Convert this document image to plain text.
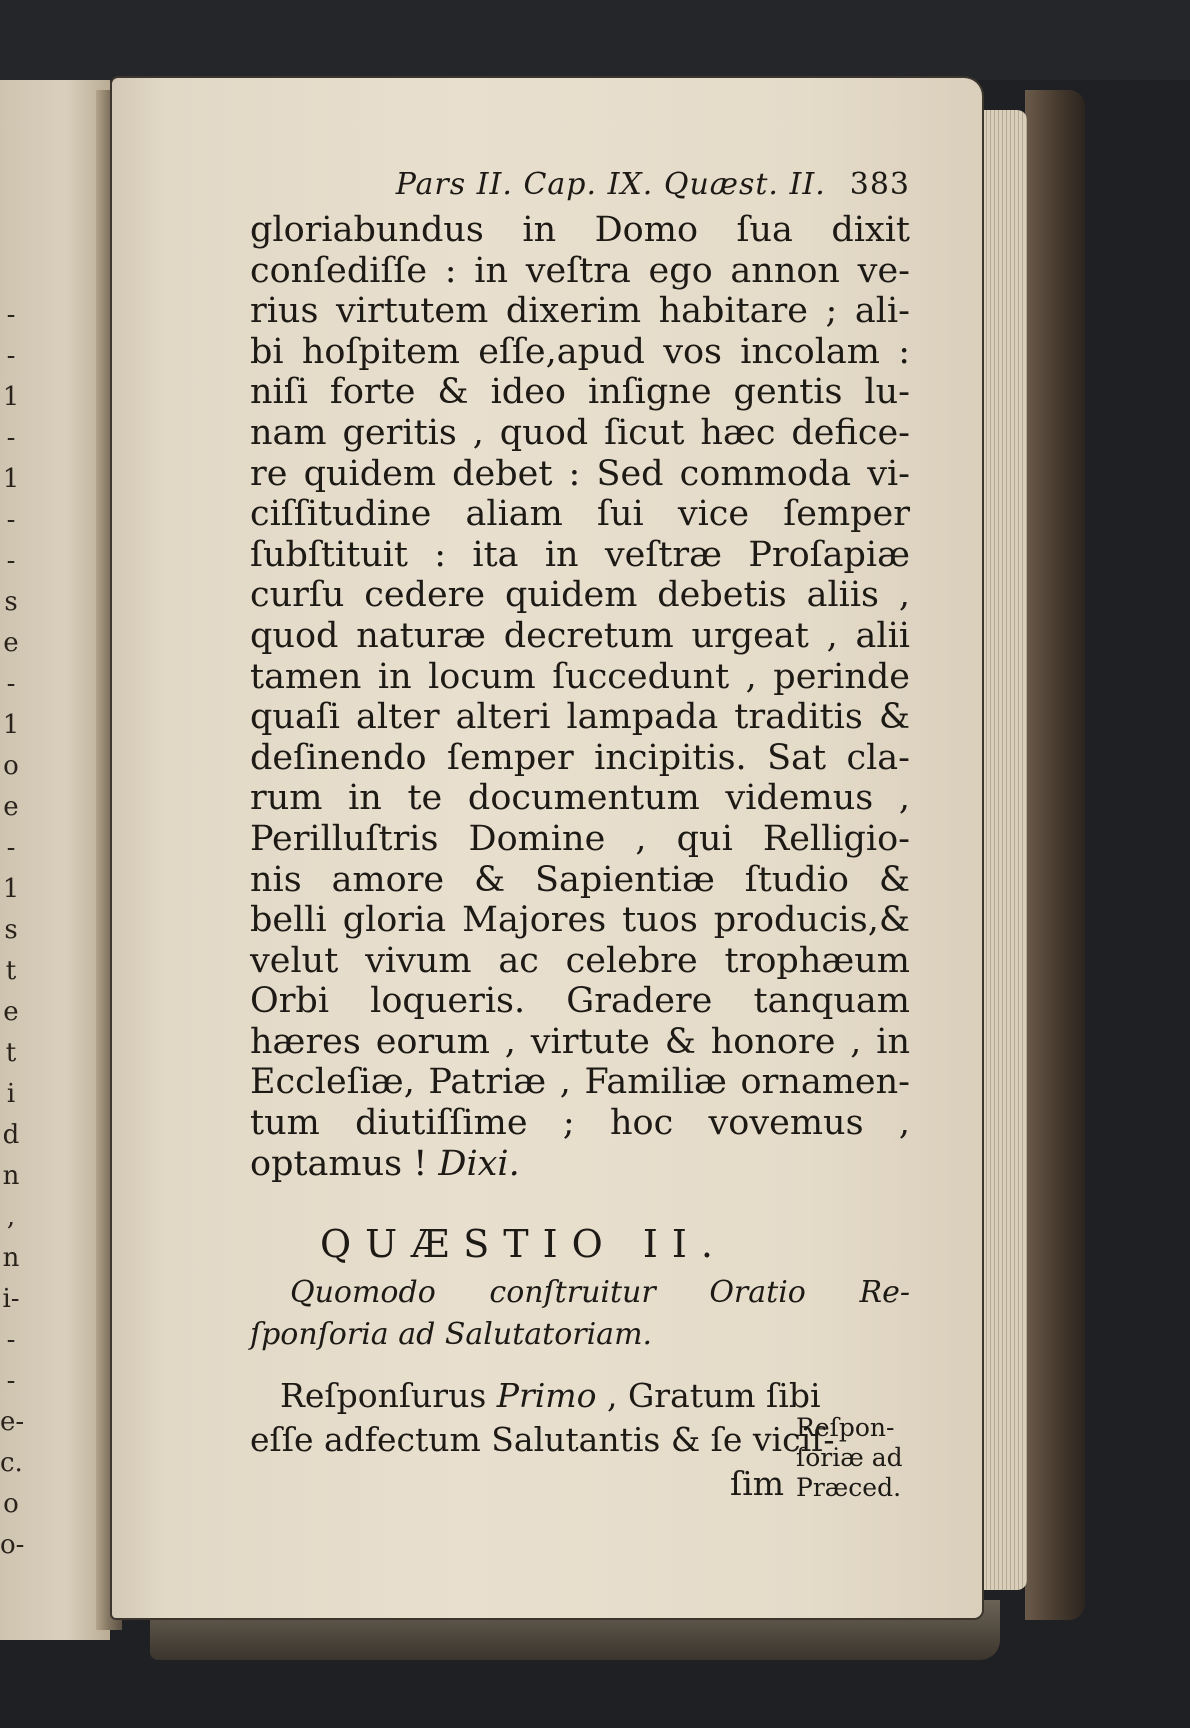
-
-
1
-
1
-
-
s
e
-
1
o
e
-
1
s
t
e
t
i
d
n
,
n
i-
-
-
e-
c.
o
o-
Pars II. Cap. IX. Quæst. II. 383
gloriabundus in Domo ſua dixit
conſediſſe : in veſtra ego annon ve-
rius virtutem dixerim habitare ; ali-
bi hoſpitem eſſe,apud vos incolam :
niſi forte & ideo inſigne gentis lu-
nam geritis , quod ſicut hæc defice-
re quidem debet : Sed commoda vi-
ciſſitudine aliam ſui vice ſemper
ſubſtituit : ita in veſtræ Proſapiæ
curſu cedere quidem debetis aliis ,
quod naturæ decretum urgeat , alii
tamen in locum ſuccedunt , perinde
quaſi alter alteri lampada traditis &
deſinendo ſemper incipitis. Sat cla-
rum in te documentum videmus ,
Perilluſtris Domine , qui Relligio-
nis amore & Sapientiæ ſtudio &
belli gloria Majores tuos producis,&
velut vivum ac celebre trophæum
Orbi loqueris. Gradere tanquam
hæres eorum , virtute & honore , in
Eccleſiæ, Patriæ , Familiæ ornamen-
tum diutiſſime ; hoc vovemus ,
optamus ! Dixi.
QUÆSTIO II.
Quomodo conſtruitur Oratio Re-
ſponſoria ad Salutatoriam.
Reſponſurus Primo , Gratum ſibi
eſſe adfectum Salutantis & ſe viciſ-
ſim
Reſpon-
ſoriæ ad
Præced.
